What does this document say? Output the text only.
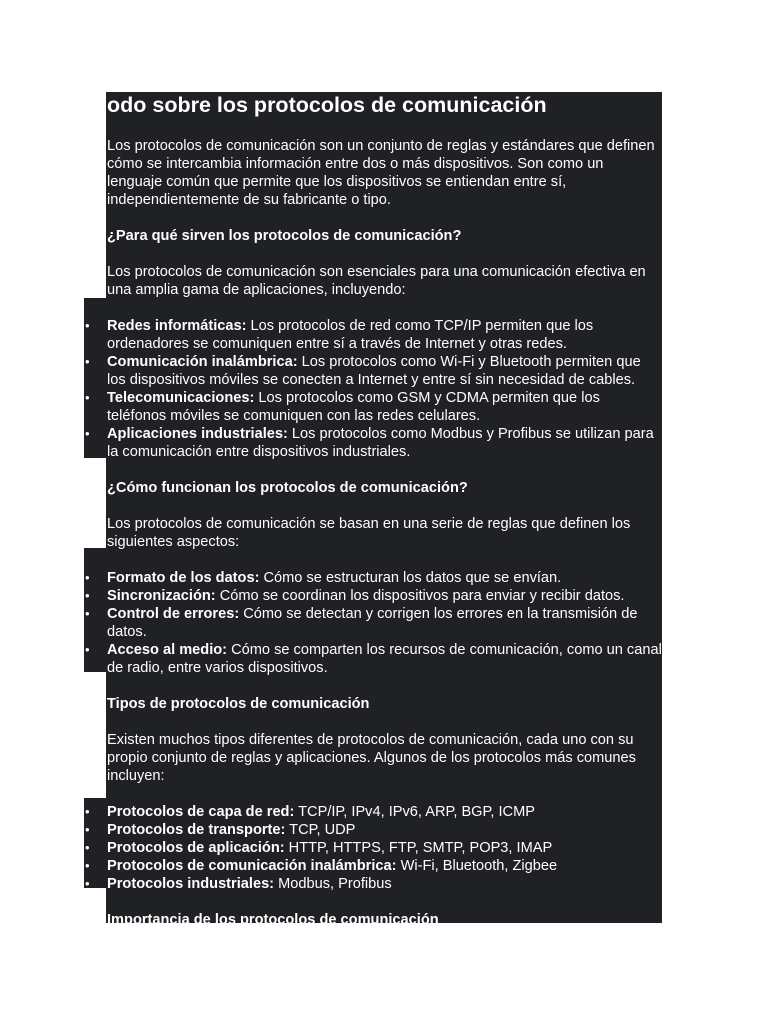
odo sobre los protocolos de comunicación

Los protocolos de comunicación son un conjunto de reglas y estándares que definen cómo se intercambia información entre dos o más dispositivos. Son como un lenguaje común que permite que los dispositivos se entiendan entre sí, independientemente de su fabricante o tipo.

¿Para qué sirven los protocolos de comunicación?

Los protocolos de comunicación son esenciales para una comunicación efectiva en una amplia gama de aplicaciones, incluyendo:

• Redes informáticas: Los protocolos de red como TCP/IP permiten que los ordenadores se comuniquen entre sí a través de Internet y otras redes.
• Comunicación inalámbrica: Los protocolos como Wi-Fi y Bluetooth permiten que los dispositivos móviles se conecten a Internet y entre sí sin necesidad de cables.
• Telecomunicaciones: Los protocolos como GSM y CDMA permiten que los teléfonos móviles se comuniquen con las redes celulares.
• Aplicaciones industriales: Los protocolos como Modbus y Profibus se utilizan para la comunicación entre dispositivos industriales.
¿Cómo funcionan los protocolos de comunicación?

Los protocolos de comunicación se basan en una serie de reglas que definen los siguientes aspectos:

• Formato de los datos: Cómo se estructuran los datos que se envían.
• Sincronización: Cómo se coordinan los dispositivos para enviar y recibir datos.
• Control de errores: Cómo se detectan y corrigen los errores en la transmisión de datos.
• Acceso al medio: Cómo se comparten los recursos de comunicación, como un canal de radio, entre varios dispositivos.
Tipos de protocolos de comunicación

Existen muchos tipos diferentes de protocolos de comunicación, cada uno con su propio conjunto de reglas y aplicaciones. Algunos de los protocolos más comunes incluyen:

• Protocolos de capa de red: TCP/IP, IPv4, IPv6, ARP, BGP, ICMP
• Protocolos de transporte: TCP, UDP
• Protocolos de aplicación: HTTP, HTTPS, FTP, SMTP, POP3, IMAP
• Protocolos de comunicación inalámbrica: Wi-Fi, Bluetooth, Zigbee
• Protocolos industriales: Modbus, Profibus
Importancia de los protocolos de comunicación
